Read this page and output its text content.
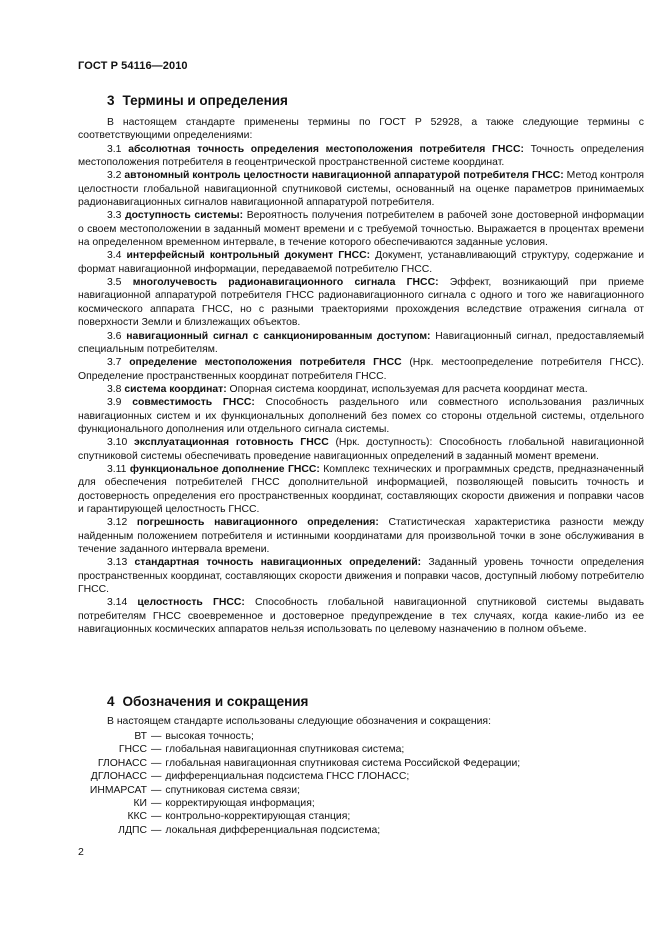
ГОСТ Р 54116—2010
3 Термины и определения

В настоящем стандарте применены термины по ГОСТ Р 52928, а также следующие термины с соответствующими определениями:

3.1 абсолютная точность определения местоположения потребителя ГНСС: Точность определения местоположения потребителя в геоцентрической пространственной системе координат.

3.2 автономный контроль целостности навигационной аппаратурой потребителя ГНСС: Метод контроля целостности глобальной навигационной спутниковой системы, основанный на оценке параметров принимаемых радионавигационных сигналов навигационной аппаратурой потребителя.

3.3 доступность системы: Вероятность получения потребителем в рабочей зоне достоверной информации о своем местоположении в заданный момент времени и с требуемой точностью. Выражается в процентах времени на определенном временном интервале, в течение которого обеспечиваются заданные условия.

3.4 интерфейсный контрольный документ ГНСС: Документ, устанавливающий структуру, содержание и формат навигационной информации, передаваемой потребителю ГНСС.

3.5 многолучевость радионавигационного сигнала ГНСС: Эффект, возникающий при приеме навигационной аппаратурой потребителя ГНСС радионавигационного сигнала с одного и того же навигационного космического аппарата ГНСС, но с разными траекториями прохождения вследствие отражения сигнала от поверхности Земли и близлежащих объектов.

3.6 навигационный сигнал с санкционированным доступом: Навигационный сигнал, предоставляемый специальным потребителям.

3.7 определение местоположения потребителя ГНСС (Нрк. местоопределение потребителя ГНСС). Определение пространственных координат потребителя ГНСС.

3.8 система координат: Опорная система координат, используемая для расчета координат места.

3.9 совместимость ГНСС: Способность раздельного или совместного использования различных навигационных систем и их функциональных дополнений без помех со стороны отдельной системы, отдельного функционального дополнения или отдельного сигнала системы.

3.10 эксплуатационная готовность ГНСС (Нрк. доступность): Способность глобальной навигационной спутниковой системы обеспечивать проведение навигационных определений в заданный момент времени.

3.11 функциональное дополнение ГНСС: Комплекс технических и программных средств, предназначенный для обеспечения потребителей ГНСС дополнительной информацией, позволяющей повысить точность и достоверность определения его пространственных координат, составляющих скорости движения и поправки часов и гарантирующей целостность ГНСС.

3.12 погрешность навигационного определения: Статистическая характеристика разности между найденным положением потребителя и истинными координатами для произвольной точки в зоне обслуживания в течение заданного интервала времени.

3.13 стандартная точность навигационных определений: Заданный уровень точности определения пространственных координат, составляющих скорости движения и поправки часов, доступный любому потребителю ГНСС.

3.14 целостность ГНСС: Способность глобальной навигационной спутниковой системы выдавать потребителям ГНСС своевременное и достоверное предупреждение в тех случаях, когда какие-либо из ее навигационных космических аппаратов нельзя использовать по целевому назначению в полном объеме.

4 Обозначения и сокращения
В настоящем стандарте использованы следующие обозначения и сокращения:
ВТ — высокая точность;
ГНСС — глобальная навигационная спутниковая система;
ГЛОНАСС — глобальная навигационная спутниковая система Российской Федерации;
ДГЛОНАСС — дифференциальная подсистема ГНСС ГЛОНАСС;
ИНМАРСАТ — спутниковая система связи;
КИ — корректирующая информация;
ККС — контрольно-корректирующая станция;
ЛДПС — локальная дифференциальная подсистема;
2
